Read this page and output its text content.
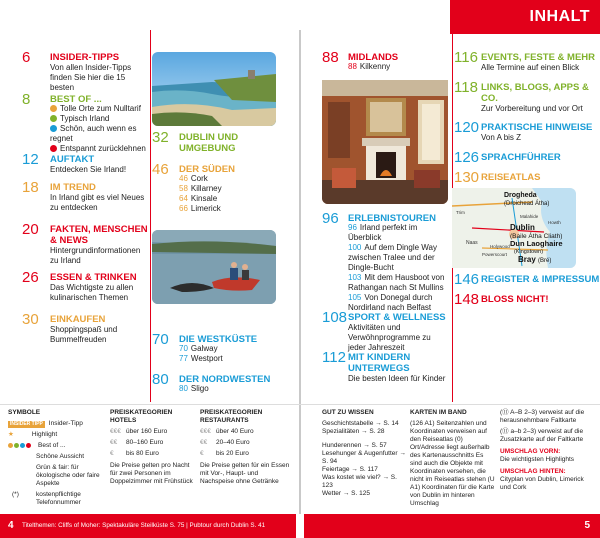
INHALT
6 INSIDER-TIPPS
Von allen Insider-Tipps finden Sie hier die 15 besten
8 BEST OF ...
Tolle Orte zum Nulltarif
Typisch Irland
Schön, auch wenn es regnet
Entspannt zurücklehnen
12 AUFTAKT
Entdecken Sie Irland!
18 IM TREND
In Irland gibt es viel Neues zu entdecken
20 FAKTEN, MENSCHEN & NEWS
Hintergrundinformationen zu Irland
26 ESSEN & TRINKEN
Das Wichtigste zu allen kulinarischen Themen
30 EINKAUFEN
Shoppingspaß und Bummelfreuden
32 DUBLIN UND UMGEBUNG
46 DER SÜDEN
46 Cork
58 Killarney
64 Kinsale
66 Limerick
70 DIE WESTKÜSTE
70 Galway
77 Westport
80 DER NORDWESTEN
80 Sligo
88 MIDLANDS
88 Kilkenny
96 ERLEBNISTOUREN
96 Irland perfekt im Überblick
100 Auf dem Dingle Way zwischen Tralee und der Dingle-Bucht
103 Mit dem Hausboot von Rathangan nach St Mullins
105 Von Donegal durch Nordirland nach Belfast
108 SPORT & WELLNESS
Aktivitäten und Verwöhnprogramme zu jeder Jahreszeit
112 MIT KINDERN UNTERWEGS
Die besten Ideen für Kinder
116 EVENTS, FESTE & MEHR
Alle Termine auf einen Blick
118 LINKS, BLOGS, APPS & CO.
Zur Vorbereitung und vor Ort
120 PRAKTISCHE HINWEISE
Von A bis Z
126 SPRACHFÜHRER
130 REISEATLAS
Drogheda
(Droichead Átha)
Dublin
(Baile Átha Cliath)
Dun Laoghaire
(Kingstown)
Bray (Bré)
Naas
Powerscourt
Malahide
Howth
Trim
Holywood
146 REGISTER & IMPRESSUM
148 BLOSS NICHT!
SYMBOLE
INSIDER TIPP Insider-Tipp
★	Highlight
Best of ...
Schöne Aussicht
Grün & fair: für ökologische oder faire Aspekte
(*)	kostenpflichtige Telefonnummer
PREISKATEGORIEN HOTELS
€€€ über 160 Euro
€€ 80–160 Euro
€ bis 80 Euro
Die Preise gelten pro Nacht für zwei Personen im Doppelzimmer mit Frühstück
PREISKATEGORIEN RESTAURANTS
€€€ über 40 Euro
€€ 20–40 Euro
€ bis 20 Euro
Die Preise gelten für ein Essen mit Vor-, Haupt- und Nachspeise ohne Getränke
GUT ZU WISSEN
Geschichtstabelle → S. 14
Spezialitäten → S. 28
Hunderennen → S. 57
Lesehunger & Augenfutter → S. 94
Feiertage → S. 117
Was kostet wie viel? → S. 123
Wetter → S. 125
KARTEN IM BAND
(126 A1) Seitenzahlen und Koordinaten verweisen auf den Reiseatlas (0) Ort/Adresse liegt außerhalb des Kartenausschnitts Es sind auch die Objekte mit Koordinaten versehen, die nicht im Reiseatlas stehen (U A1) Koordinaten für die Karte von Dublin im hinteren Umschlag
(⑪ A–B 2–3) verweist auf die herausnehmbare Faltkarte
(⑪ a–b 2–3) verweist auf die Zusatzkarte auf der Faltkarte
UMSCHLAG VORN:
Die wichtigsten Highlights
UMSCHLAG HINTEN:
Cityplan von Dublin, Limerick und Cork
4 Titelthemen: Cliffs of Moher: Spektakuläre Steilküste S. 75 | Pubtour durch Dublin S. 41	5
